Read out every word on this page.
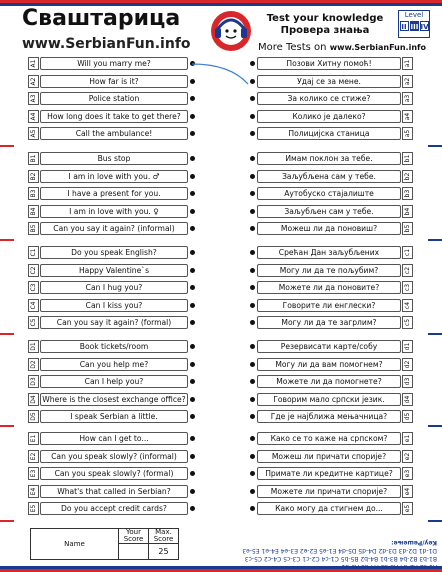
Сваштарица
www.SerbianFun.info
Test your knowledge
Провера знања
More Tests on www.SerbianFun.info
Level
II III IV
A1	Will you marry me?	Позови Хитну помоћ!	a1
A2	How far is it?	Удај се за мене.	a2
A3	Police station	За колико се стиже?	a3
A4	How long does it take to get there?	Колико је далеко?	a4
A5	Call the ambulance!	Полицијска станица	a5
B1	Bus stop	Имам поклон за тебе.	b1
B2	I am in love with you. ♂	Заљубљена сам у тебе.	b2
B3	I have a present for you.	Аутобуско стајалиште	b3
B4	I am in love with you. ♀	Заљубљен сам у тебе.	b4
B5	Can you say it again? (informal)	Можеш ли да поновиш?	b5
C1	Do you speak English?	Срећан Дан заљубљених	c1
C2	Happy Valentine`s	Могу ли да те пољубим?	c2
C3	Can I hug you?	Можете ли да поновите?	c3
C4	Can I kiss you?	Говорите ли енглески?	c4
C5	Can you say it again? (formal)	Могу ли да те загрлим?	c5
D1	Book tickets/room	Резервисати карте/собу	d1
D2	Can you help me?	Могу ли да вам помогнем?	d2
D3	Can I help you?	Можете ли да помогнете?	d3
D4 Where is the closest exchange office?	Говорим мало српски језик.	d4
D5	I speak Serbian a little.	Где је најближа мењачница?	d5
E1	How can I get to...	Како се то каже на српском?	e1
E2	Can you speak slowly? (informal)	Можеш ли причати спорије?	e2
E3	Can you speak slowly? (formal)	Примате ли кредитне картице?	e3
E4	What's that called in Serbian?	Можете ли причати спорије?	e4
E5	Do you accept credit cards?	Како могу да стигнем до...	e5
Name	Your Score	Max. Score
		25
B1-b3 B2-b4 B3-b1 B4-b2 B5-b5 C1-c4 C2-c1 C3-c5 C4-c2 C5-c3
D1-d1 D2-d3 D3-d2 D4-d5 D5-d4 E1-e5 E2-e2 E3-e4 E4-e1 E5-e3
Key/Решење:
